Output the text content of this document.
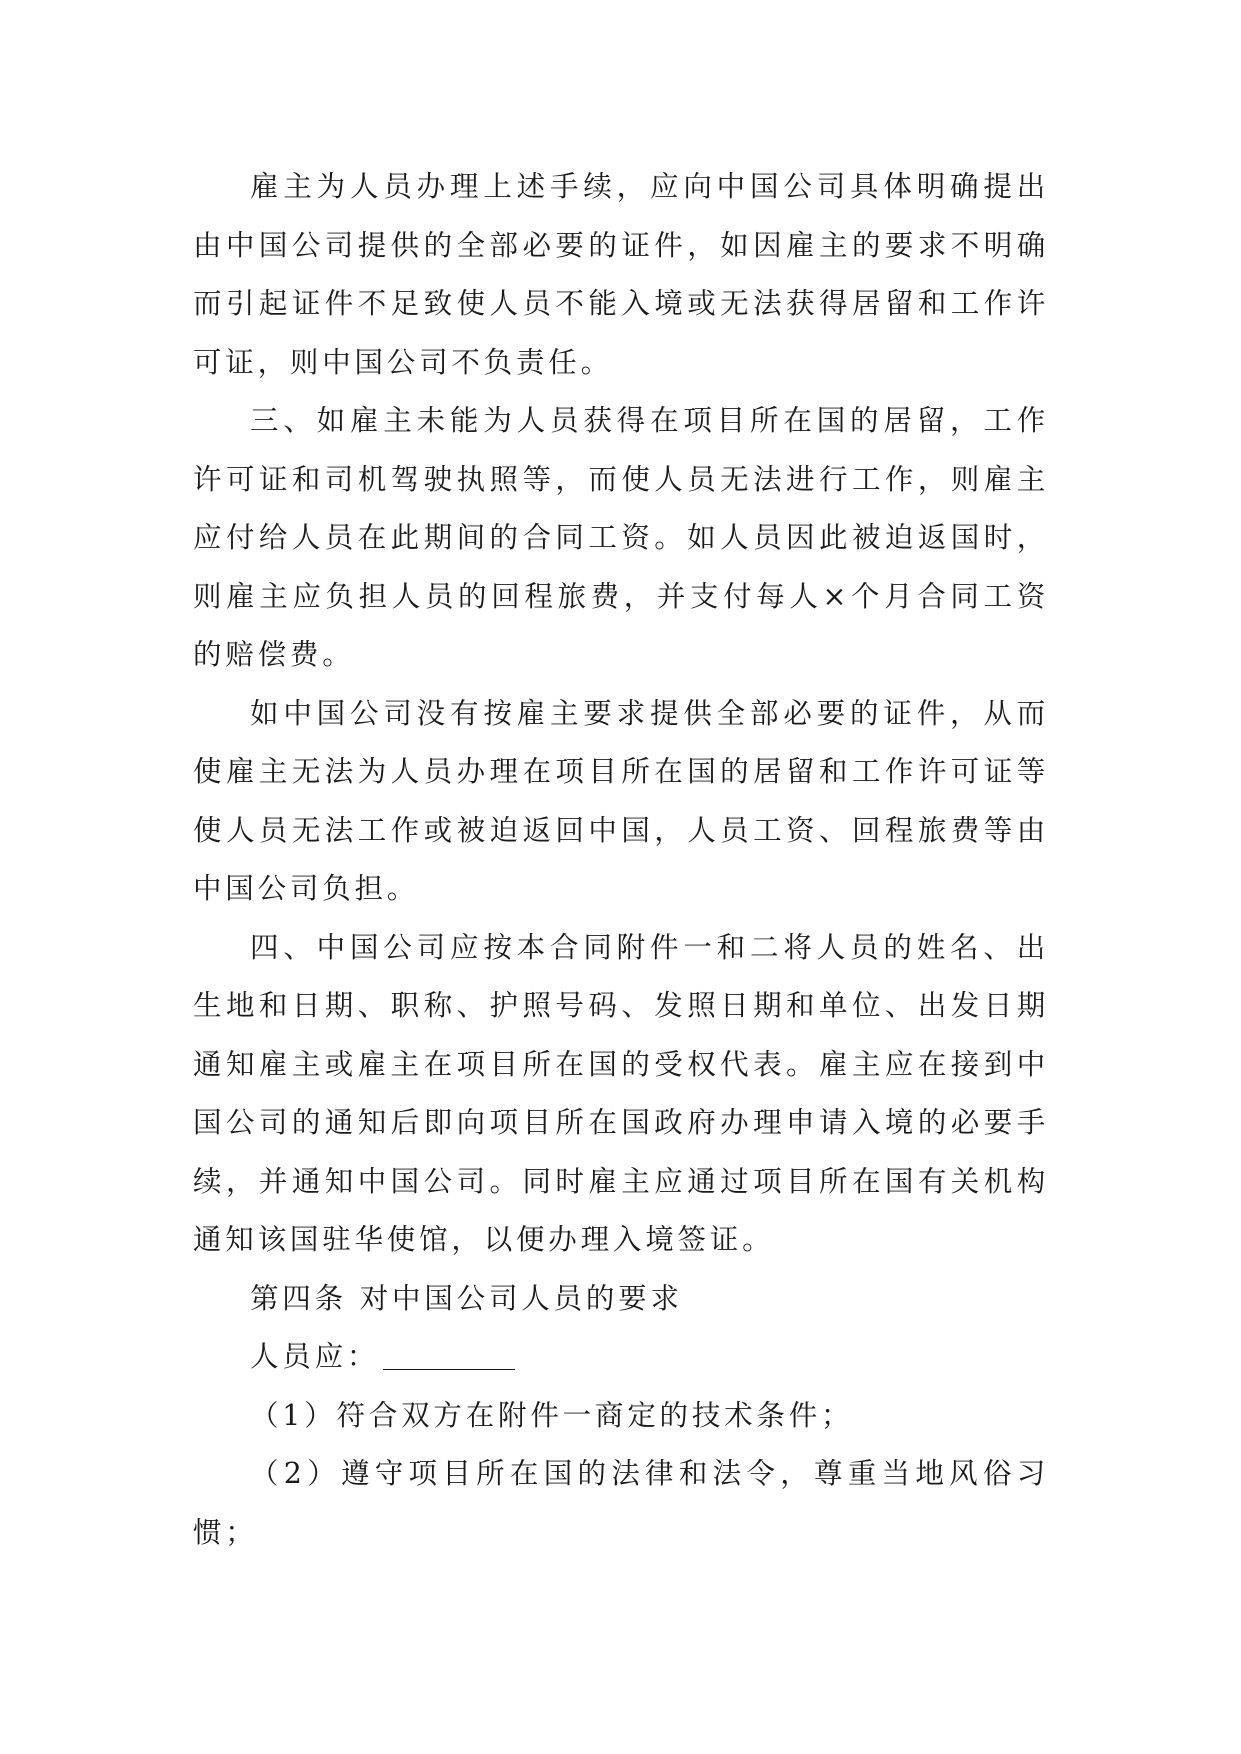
雇主为人员办理上述手续，应向中国公司具体明确提出由中国公司提供的全部必要的证件，如因雇主的要求不明确而引起证件不足致使人员不能入境或无法获得居留和工作许可证，则中国公司不负责任。

三、如雇主未能为人员获得在项目所在国的居留，工作许可证和司机驾驶执照等，而使人员无法进行工作，则雇主应付给人员在此期间的合同工资。如人员因此被迫返国时，则雇主应负担人员的回程旅费，并支付每人×个月合同工资的赔偿费。

如中国公司没有按雇主要求提供全部必要的证件，从而使雇主无法为人员办理在项目所在国的居留和工作许可证等使人员无法工作或被迫返回中国，人员工资、回程旅费等由中国公司负担。

四、中国公司应按本合同附件一和二将人员的姓名、出生地和日期、职称、护照号码、发照日期和单位、出发日期通知雇主或雇主在项目所在国的受权代表。雇主应在接到中国公司的通知后即向项目所在国政府办理申请入境的必要手续，并通知中国公司。同时雇主应通过项目所在国有关机构通知该国驻华使馆，以便办理入境签证。

第四条 对中国公司人员的要求

人员应：

（1）符合双方在附件一商定的技术条件；

（2）遵守项目所在国的法律和法令，尊重当地风俗习惯；
